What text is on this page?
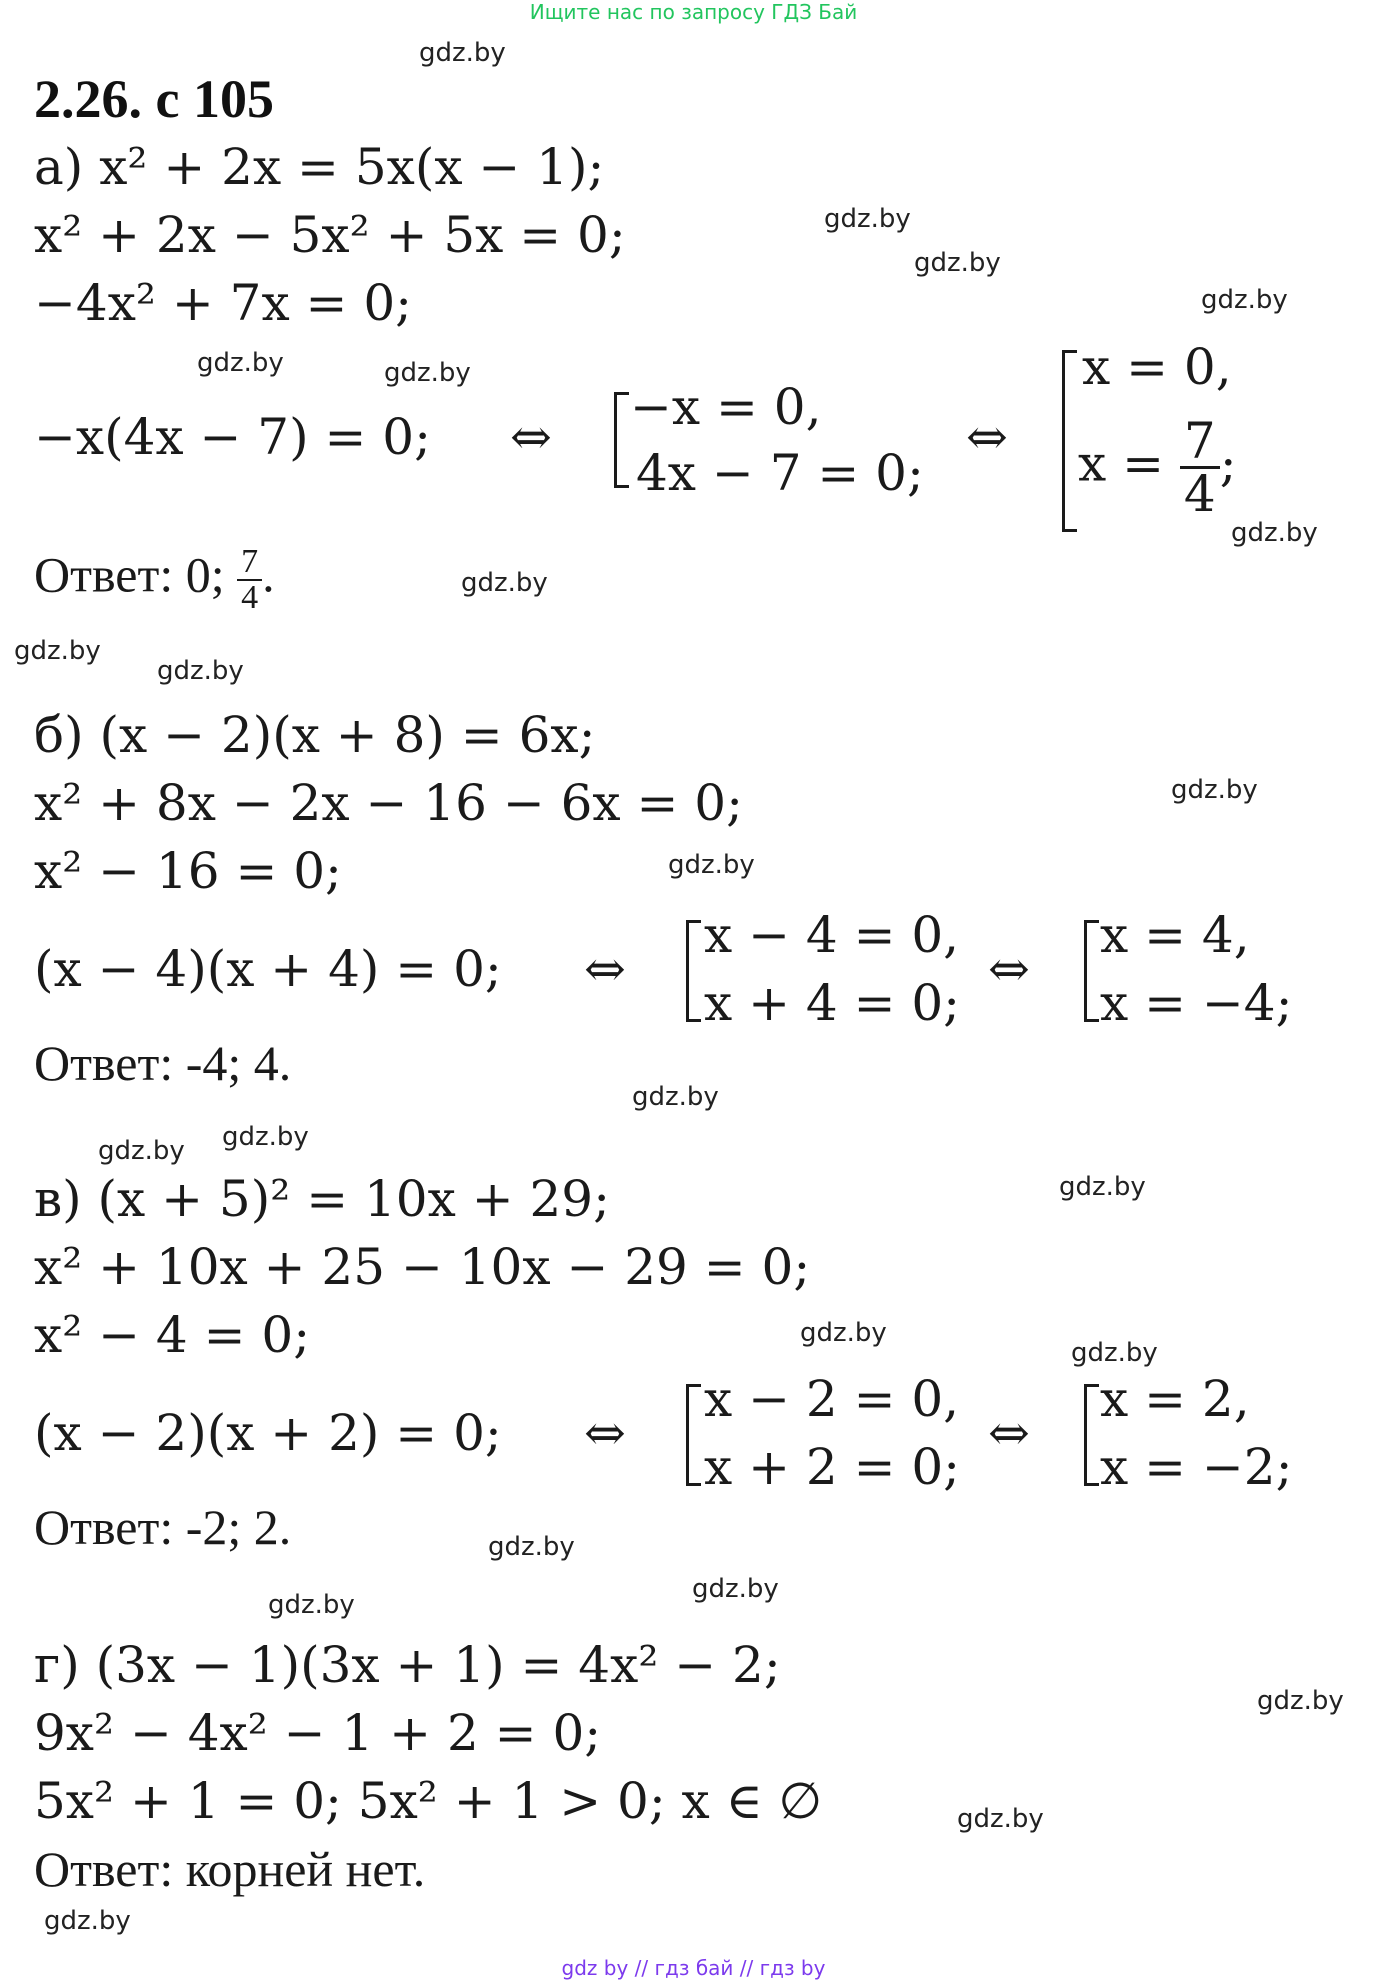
Ищите нас по запросу ГДЗ Бай
gdz.by
gdz.by
gdz.by
gdz.by
gdz.by	gdz.by
gdz.by
gdz.by
gdz.by
gdz.by
gdz.by
gdz.by
gdz.by
gdz.by
gdz.by
gdz.by
gdz.by
gdz.by
gdz.by
gdz.by
gdz.by
gdz.by
gdz.by
gdz.by
2.26. с 105
а) x² + 2x = 5x(x − 1);
x² + 2x − 5x² + 5x = 0;
−4x² + 7x = 0;
−x(4x − 7) = 0; ⇔
−x = 0,
4x − 7 = 0;
⇔
x = 0,
$x = \frac{7}{4}$ ;
Ответ: 0; $\frac{7}{4}$ .
б) (x − 2)(x + 8) = 6x;
x² + 8x − 2x − 16 − 6x = 0;
x² − 16 = 0;
(x − 4)(x + 4) = 0; ⇔
x − 4 = 0,
x + 4 = 0;
⇔
x = 4,
x = −4;
Ответ: -4; 4.
в) (x + 5)² = 10x + 29;
x² + 10x + 25 − 10x − 29 = 0;
x² − 4 = 0;
(x − 2)(x + 2) = 0; ⇔
x − 2 = 0,
x + 2 = 0;
⇔
x = 2,
x = −2;
Ответ: -2; 2.
г) (3x − 1)(3x + 1) = 4x² − 2;
9x² − 4x² − 1 + 2 = 0;
5x² + 1 = 0; 5x² + 1 > 0; x ∈ ∅
Ответ: корней нет.
gdz by // гдз бай // гдз by
